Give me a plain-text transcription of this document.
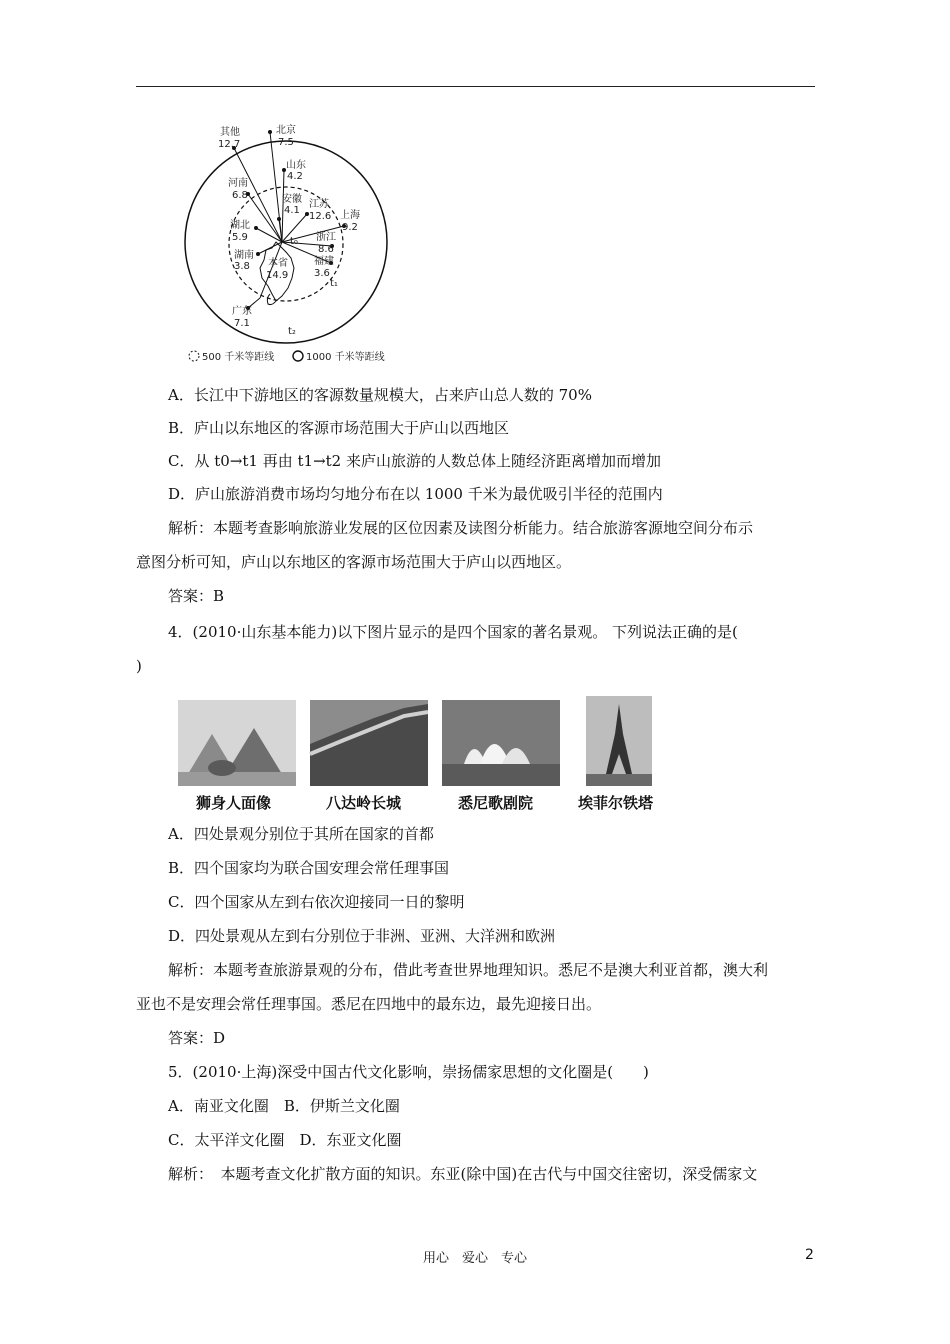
其他
12.7
北京
7.5
山东
4.2
河南
6.8	安徽
4.1
江苏
12.6 上海
9.2
湖北
5.9	浙江
8.6
湖南
3.8 本省
14.9
福建
3.6
广东
7.1
t₀
t₁
t₂
500 千米等距线	1000 千米等距线
A．长江中下游地区的客源数量规模大，占来庐山总人数的 70%
B．庐山以东地区的客源市场范围大于庐山以西地区
C．从 t0→t1 再由 t1→t2 来庐山旅游的人数总体上随经济距离增加而增加
D．庐山旅游消费市场均匀地分布在以 1000 千米为最优吸引半径的范围内
解析：本题考查影响旅游业发展的区位因素及读图分析能力。结合旅游客源地空间分布示
意图分析可知，庐山以东地区的客源市场范围大于庐山以西地区。
答案：B
4．(2010·山东基本能力)以下图片显示的是四个国家的著名景观。 下列说法正确的是(
)
狮身人面像	八达岭长城	悉尼歌剧院	埃菲尔铁塔
A．四处景观分别位于其所在国家的首都
B．四个国家均为联合国安理会常任理事国
C．四个国家从左到右依次迎接同一日的黎明
D．四处景观从左到右分别位于非洲、亚洲、大洋洲和欧洲
解析：本题考查旅游景观的分布，借此考查世界地理知识。悉尼不是澳大利亚首都，澳大利
亚也不是安理会常任理事国。悉尼在四地中的最东边，最先迎接日出。
答案：D
5．(2010·上海)深受中国古代文化影响，崇扬儒家思想的文化圈是(　　)
A．南亚文化圈　B．伊斯兰文化圈
C．太平洋文化圈　D．东亚文化圈
解析：　本题考查文化扩散方面的知识。东亚(除中国)在古代与中国交往密切，深受儒家文
用心　爱心　专心	2
